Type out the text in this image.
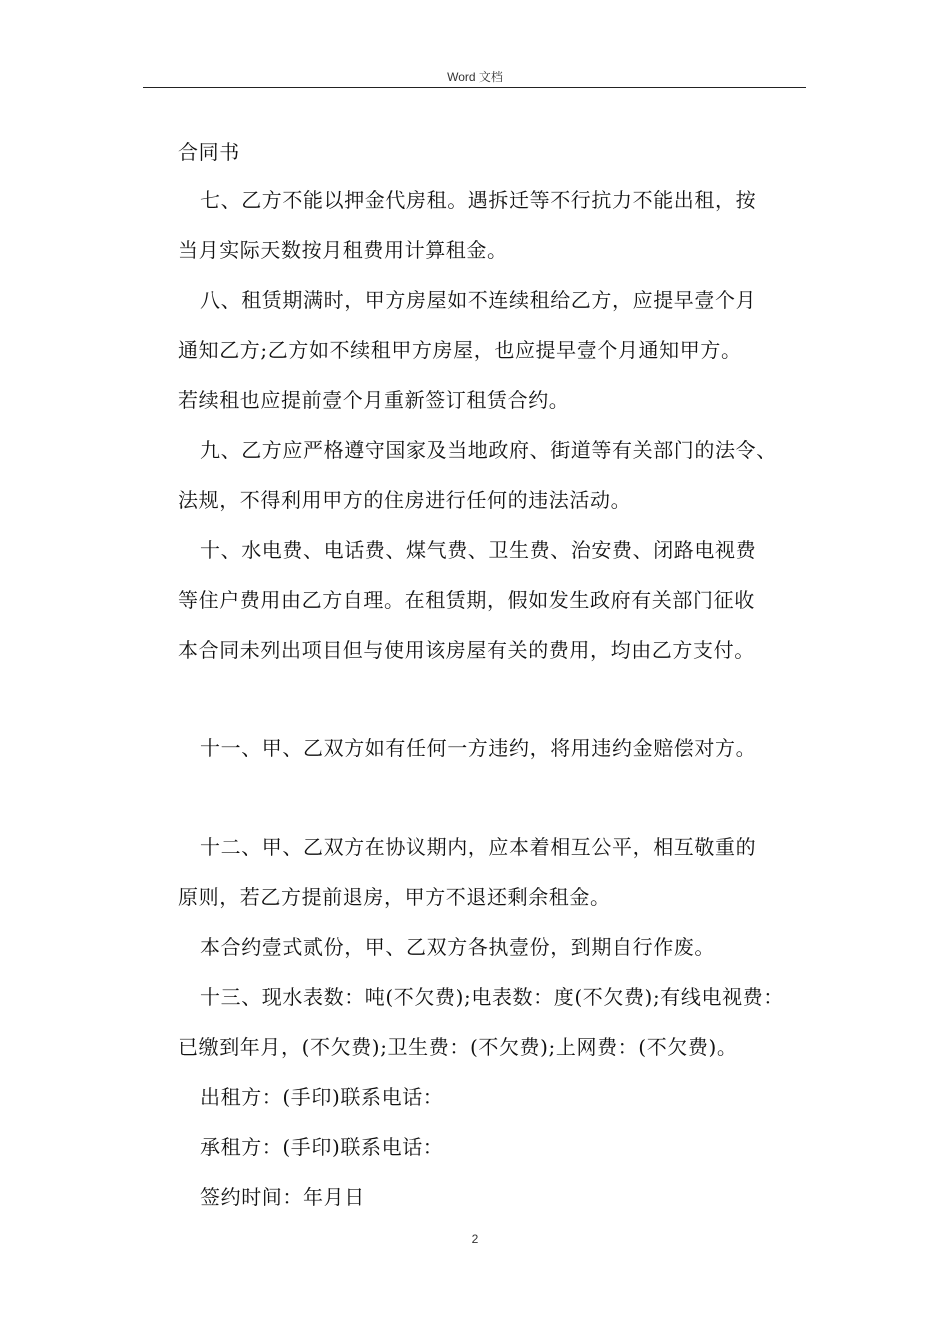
Word 文档
合同书
七、乙方不能以押金代房租。遇拆迁等不行抗力不能出租，按
当月实际天数按月租费用计算租金。
八、租赁期满时，甲方房屋如不连续租给乙方，应提早壹个月
通知乙方;乙方如不续租甲方房屋，也应提早壹个月通知甲方。
若续租也应提前壹个月重新签订租赁合约。
九、乙方应严格遵守国家及当地政府、街道等有关部门的法令、
法规，不得利用甲方的住房进行任何的违法活动。
十、水电费、电话费、煤气费、卫生费、治安费、闭路电视费
等住户费用由乙方自理。在租赁期，假如发生政府有关部门征收
本合同未列出项目但与使用该房屋有关的费用，均由乙方支付。
十一、甲、乙双方如有任何一方违约，将用违约金赔偿对方。
十二、甲、乙双方在协议期内，应本着相互公平，相互敬重的
原则，若乙方提前退房，甲方不退还剩余租金。
本合约壹式贰份，甲、乙双方各执壹份，到期自行作废。
十三、现水表数：吨(不欠费);电表数：度(不欠费);有线电视费：
已缴到年月，(不欠费);卫生费：(不欠费);上网费：(不欠费)。
出租方：(手印)联系电话：
承租方：(手印)联系电话：
签约时间：年月日
2
